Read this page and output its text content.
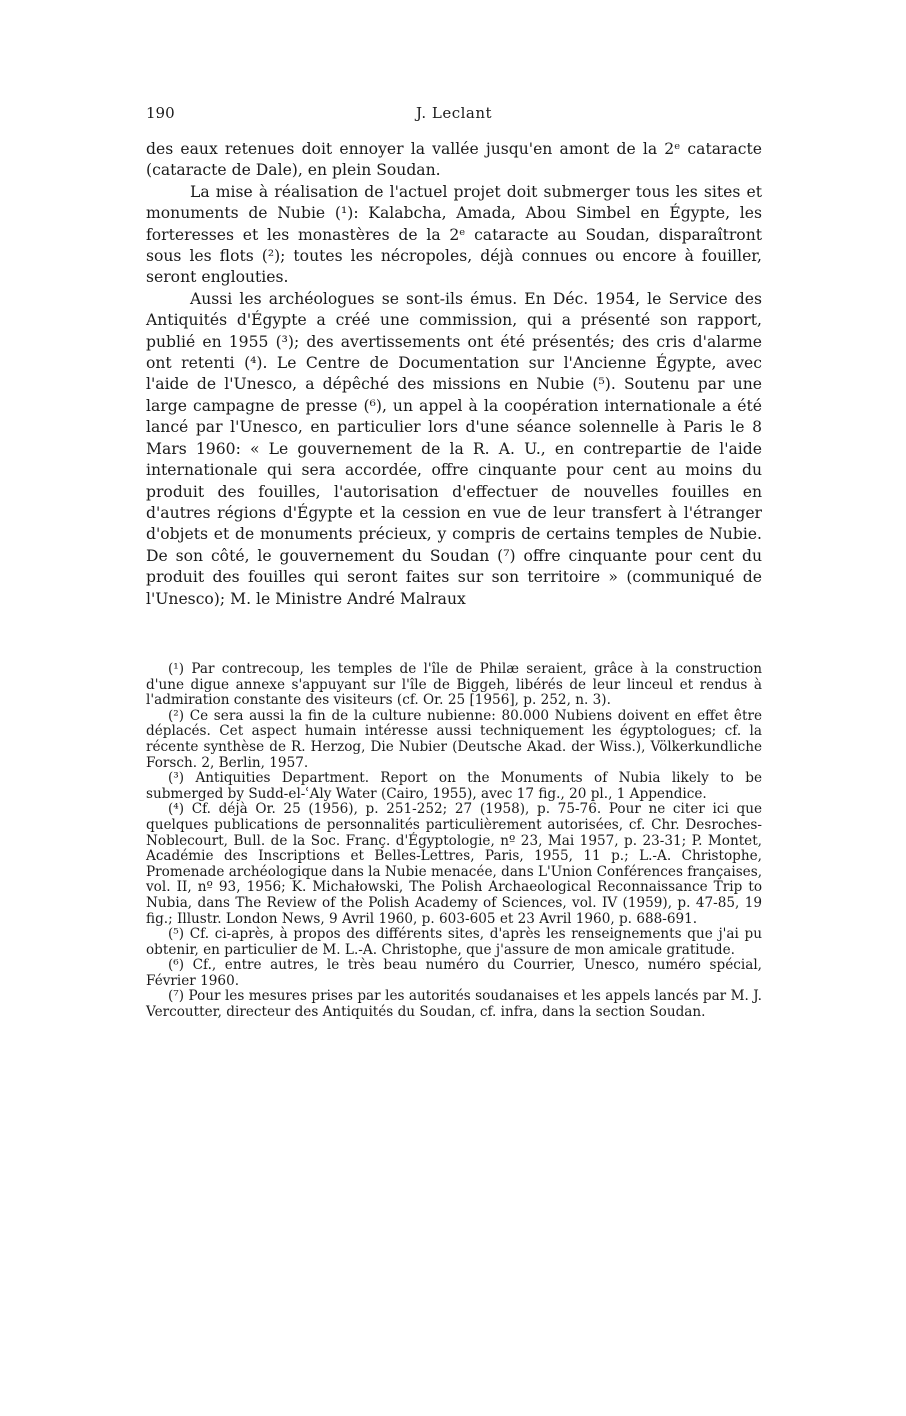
190	J. Leclant

des eaux retenues doit ennoyer la vallée jusqu'en amont de la 2ᵉ cataracte (cataracte de Dale), en plein Soudan.

La mise à réalisation de l'actuel projet doit submerger tous les sites et monuments de Nubie (¹): Kalabcha, Amada, Abou Simbel en Égypte, les forteresses et les monastères de la 2ᵉ cataracte au Soudan, disparaîtront sous les flots (²); toutes les nécropoles, déjà connues ou encore à fouiller, seront englouties.

Aussi les archéologues se sont-ils émus. En Déc. 1954, le Service des Antiquités d'Égypte a créé une commission, qui a présenté son rapport, publié en 1955 (³); des avertissements ont été présentés; des cris d'alarme ont retenti (⁴). Le Centre de Documentation sur l'Ancienne Égypte, avec l'aide de l'Unesco, a dépêché des missions en Nubie (⁵). Soutenu par une large campagne de presse (⁶), un appel à la coopération internationale a été lancé par l'Unesco, en particulier lors d'une séance solennelle à Paris le 8 Mars 1960: « Le gouvernement de la R. A. U., en contrepartie de l'aide internationale qui sera accordée, offre cinquante pour cent au moins du produit des fouilles, l'autorisation d'effectuer de nouvelles fouilles en d'autres régions d'Égypte et la cession en vue de leur transfert à l'étranger d'objets et de monuments précieux, y compris de certains temples de Nubie. De son côté, le gouvernement du Soudan (⁷) offre cinquante pour cent du produit des fouilles qui seront faites sur son territoire » (communiqué de l'Unesco); M. le Ministre André Malraux

(¹) Par contrecoup, les temples de l'île de Philæ seraient, grâce à la construction d'une digue annexe s'appuyant sur l'île de Biggeh, libérés de leur linceul et rendus à l'admiration constante des visiteurs (cf. Or. 25 [1956], p. 252, n. 3).

(²) Ce sera aussi la fin de la culture nubienne: 80.000 Nubiens doivent en effet être déplacés. Cet aspect humain intéresse aussi techniquement les égyptologues; cf. la récente synthèse de R. Herzog, Die Nubier (Deutsche Akad. der Wiss.), Völkerkundliche Forsch. 2, Berlin, 1957.

(³) Antiquities Department. Report on the Monuments of Nubia likely to be submerged by Sudd-el-ʿAly Water (Cairo, 1955), avec 17 fig., 20 pl., 1 Appendice.

(⁴) Cf. déjà Or. 25 (1956), p. 251-252; 27 (1958), p. 75-76. Pour ne citer ici que quelques publications de personnalités particulièrement autorisées, cf. Chr. Desroches-Noblecourt, Bull. de la Soc. Franç. d'Égyptologie, nº 23, Mai 1957, p. 23-31; P. Montet, Académie des Inscriptions et Belles-Lettres, Paris, 1955, 11 p.; L.-A. Christophe, Promenade archéologique dans la Nubie menacée, dans L'Union Conférences françaises, vol. II, nº 93, 1956; K. Michałowski, The Polish Archaeological Reconnaissance Trip to Nubia, dans The Review of the Polish Academy of Sciences, vol. IV (1959), p. 47-85, 19 fig.; Illustr. London News, 9 Avril 1960, p. 603-605 et 23 Avril 1960, p. 688-691.

(⁵) Cf. ci-après, à propos des différents sites, d'après les renseignements que j'ai pu obtenir, en particulier de M. L.-A. Christophe, que j'assure de mon amicale gratitude.

(⁶) Cf., entre autres, le très beau numéro du Courrier, Unesco, numéro spécial, Février 1960.

(⁷) Pour les mesures prises par les autorités soudanaises et les appels lancés par M. J. Vercoutter, directeur des Antiquités du Soudan, cf. infra, dans la section Soudan.
